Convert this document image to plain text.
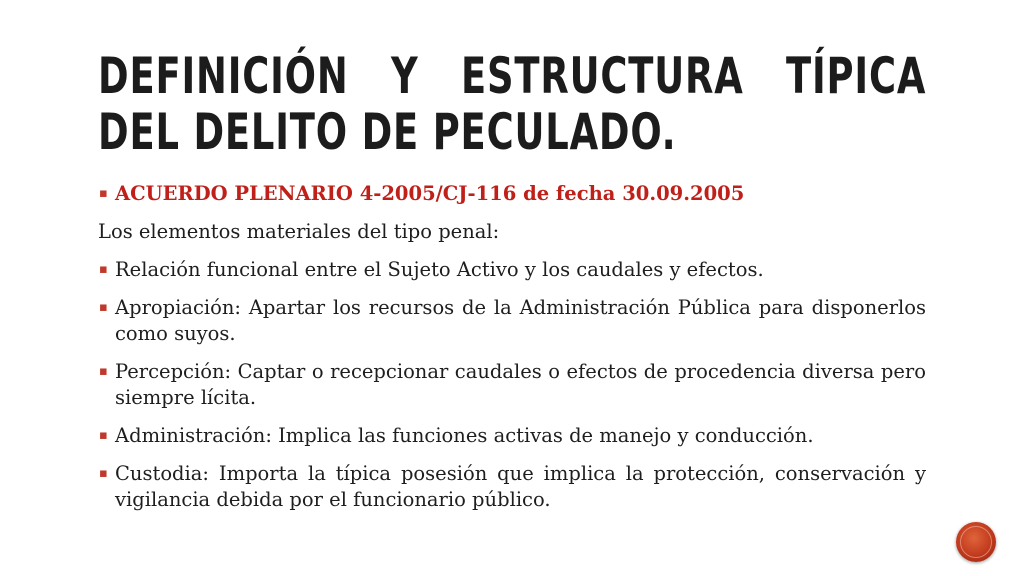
DEFINICIÓN Y ESTRUCTURA TÍPICA DEL DELITO DE PECULADO.
▪ ACUERDO PLENARIO 4-2005/CJ-116 de fecha 30.09.2005
Los elementos materiales del tipo penal:
▪ Relación funcional entre el Sujeto Activo y los caudales y efectos.
▪ Apropiación: Apartar los recursos de la Administración Pública para disponerlos como suyos.
▪ Percepción: Captar o recepcionar caudales o efectos de procedencia diversa pero siempre lícita.
▪ Administración: Implica las funciones activas de manejo y conducción.
▪ Custodia: Importa la típica posesión que implica la protección, conservación y vigilancia debida por el funcionario público.
